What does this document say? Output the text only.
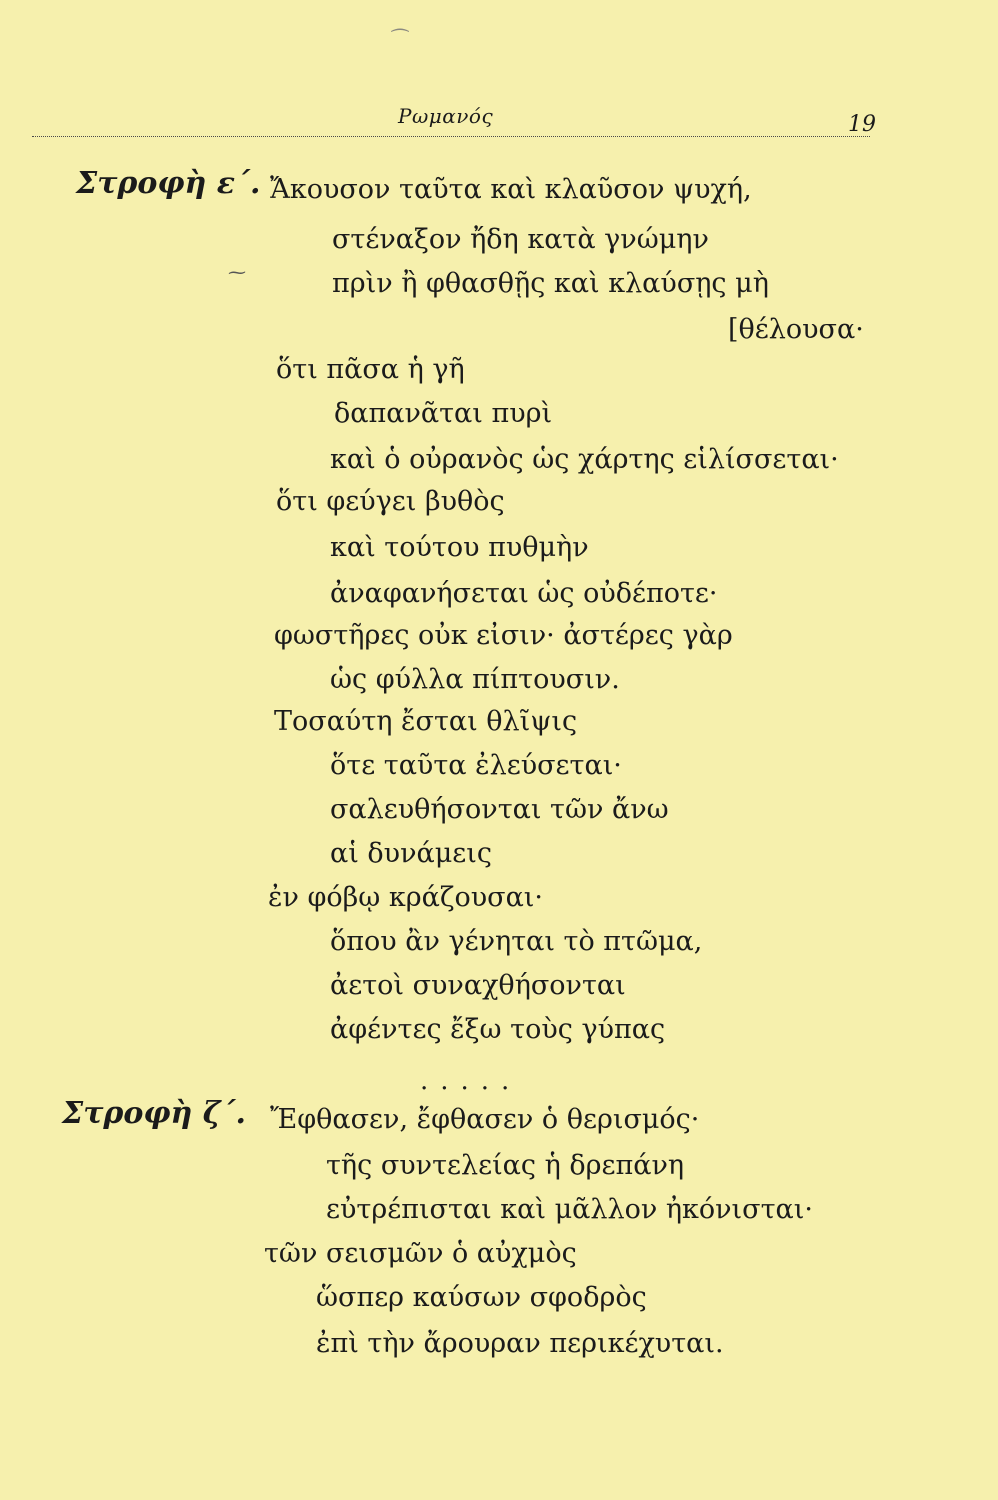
⁀
Ρωμανός	19
Στροφὴ ε΄. Ἄκουσον ταῦτα καὶ κλαῦσον ψυχή,
στέναξον ἤδη κατὰ γνώμην
⁓	πρὶν ἢ φθασθῇς καὶ κλαύσῃς μὴ
[θέλουσα·
ὅτι πᾶσα ἡ γῆ
δαπανᾶται πυρὶ
καὶ ὁ οὐρανὸς ὡς χάρτης εἱλίσσεται·
ὅτι φεύγει βυθὸς
καὶ τούτου πυθμὴν
ἀναφανήσεται ὡς οὐδέποτε·
φωστῆρες οὐκ εἰσιν· ἀστέρες γὰρ
ὡς φύλλα πίπτουσιν.
Τοσαύτη ἔσται θλῖψις
ὅτε ταῦτα ἐλεύσεται·
σαλευθήσονται τῶν ἄνω
αἱ δυνάμεις
ἐν φόβῳ κράζουσαι·
ὅπου ἂν γένηται τὸ πτῶμα,
ἀετοὶ συναχθήσονται
ἀφέντες ἔξω τοὺς γύπας
.....
Στροφὴ ζ΄. Ἔφθασεν, ἔφθασεν ὁ θερισμός·
τῆς συντελείας ἡ δρεπάνη
εὐτρέπισται καὶ μᾶλλον ἠκόνισται·
τῶν σεισμῶν ὁ αὐχμὸς
ὥσπερ καύσων σφοδρὸς
ἐπὶ τὴν ἄρουραν περικέχυται.
